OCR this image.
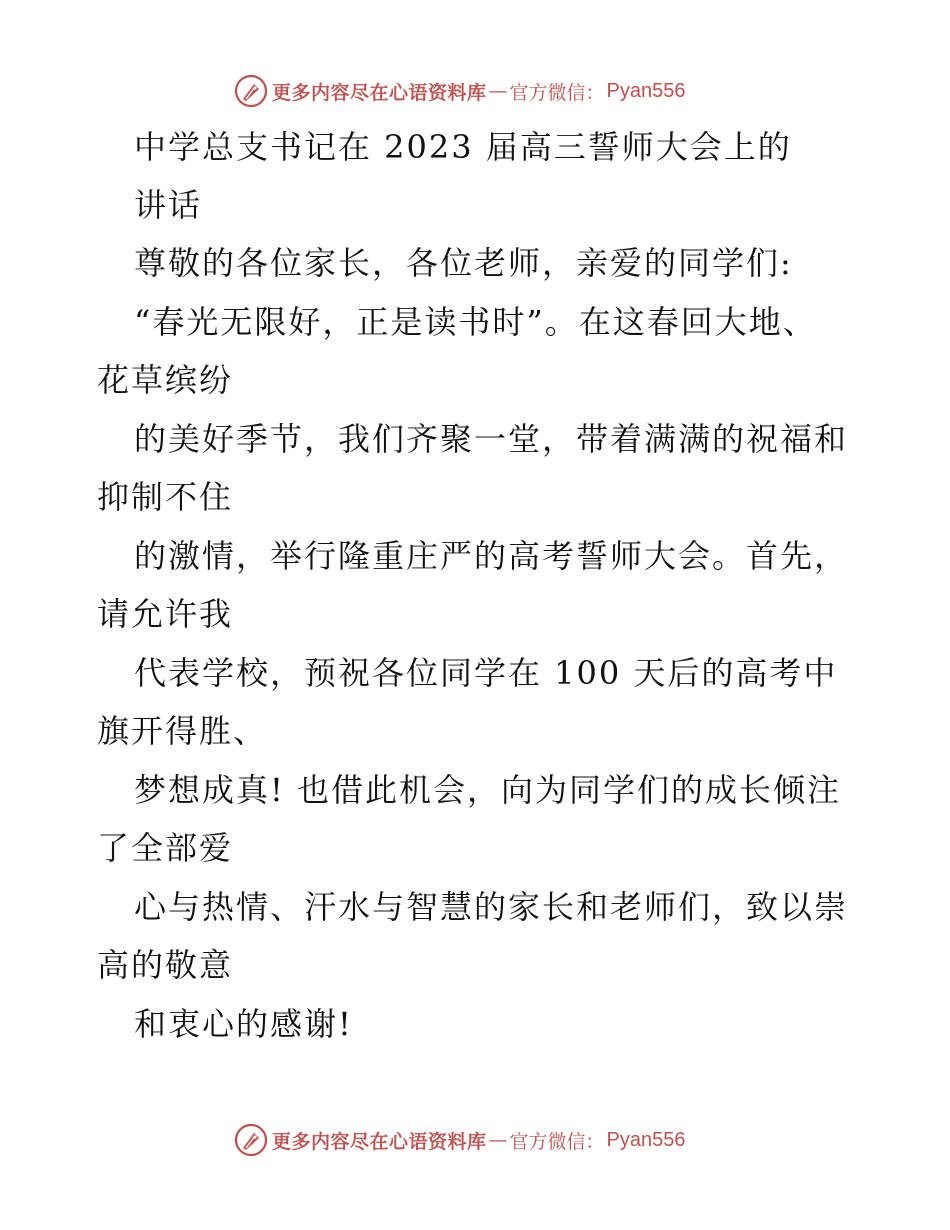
更多内容尽在心语资料库 — 官方微信： Pyan556
中学总支书记在 2023 届高三誓师大会上的
讲话
尊敬的各位家长，各位老师，亲爱的同学们:
“春光无限好，正是读书时”。在这春回大地、
花草缤纷
的美好季节，我们齐聚一堂，带着满满的祝福和
抑制不住
的激情，举行隆重庄严的高考誓师大会。首先，
请允许我
代表学校，预祝各位同学在 100 天后的高考中
旗开得胜、
梦想成真! 也借此机会，向为同学们的成长倾注
了全部爱
心与热情、汗水与智慧的家长和老师们，致以崇
高的敬意
和衷心的感谢!
更多内容尽在心语资料库 — 官方微信： Pyan556
